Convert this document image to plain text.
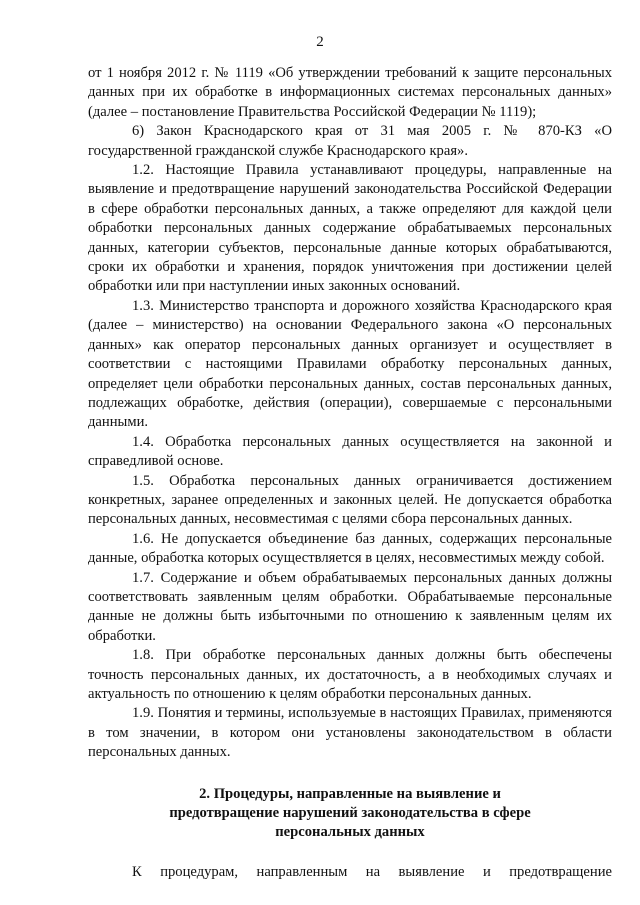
2

от 1 ноября 2012 г. № 1119 «Об утверждении требований к защите персональных данных при их обработке в информационных системах персональных данных» (далее – постановление Правительства Российской Федерации № 1119);

6) Закон Краснодарского края от 31 мая 2005 г. № 870-КЗ «О государственной гражданской службе Краснодарского края».

1.2. Настоящие Правила устанавливают процедуры, направленные на выявление и предотвращение нарушений законодательства Российской Федерации в сфере обработки персональных данных, а также определяют для каждой цели обработки персональных данных содержание обрабатываемых персональных данных, категории субъектов, персональные данные которых обрабатываются, сроки их обработки и хранения, порядок уничтожения при достижении целей обработки или при наступлении иных законных оснований.

1.3. Министерство транспорта и дорожного хозяйства Краснодарского края (далее – министерство) на основании Федерального закона «О персональных данных» как оператор персональных данных организует и осуществляет в соответствии с настоящими Правилами обработку персональных данных, определяет цели обработки персональных данных, состав персональных данных, подлежащих обработке, действия (операции), совершаемые с персональными данными.

1.4. Обработка персональных данных осуществляется на законной и справедливой основе.

1.5. Обработка персональных данных ограничивается достижением конкретных, заранее определенных и законных целей. Не допускается обработка персональных данных, несовместимая с целями сбора персональных данных.

1.6. Не допускается объединение баз данных, содержащих персональные данные, обработка которых осуществляется в целях, несовместимых между собой.

1.7. Содержание и объем обрабатываемых персональных данных должны соответствовать заявленным целям обработки. Обрабатываемые персональные данные не должны быть избыточными по отношению к заявленным целям их обработки.

1.8. При обработке персональных данных должны быть обеспечены точность персональных данных, их достаточность, а в необходимых случаях и актуальность по отношению к целям обработки персональных данных.

1.9. Понятия и термины, используемые в настоящих Правилах, применяются в том значении, в котором они установлены законодательством в области персональных данных.

2. Процедуры, направленные на выявление и предотвращение нарушений законодательства в сфере персональных данных

К процедурам, направленным на выявление и предотвращение
